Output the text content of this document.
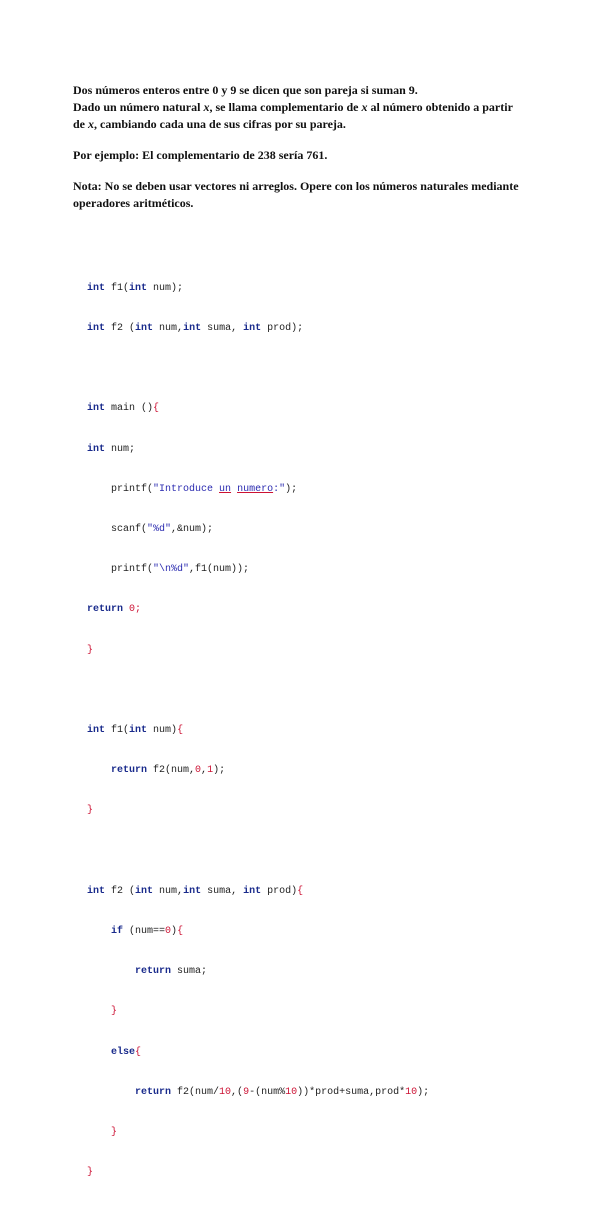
Dos números enteros entre 0 y 9 se dicen que son pareja si suman 9.

Dado un número natural x, se llama complementario de x al número obtenido a partir

de x, cambiando cada una de sus cifras por su pareja.

Por ejemplo: El complementario de 238 sería 761.

Nota: No se deben usar vectores ni arreglos. Opere con los números naturales mediante

operadores aritméticos.

int f1(int num);

int f2 (int num,int suma, int prod);

int main (){

int num;

printf("Introduce un numero:");

scanf("%d",&num);

printf("\n%d",f1(num));

return 0;

}

int f1(int num){

return f2(num,0,1);

}

int f2 (int num,int suma, int prod){

if (num==0){

return suma;

}

else{

return f2(num/10,(9-(num%10))*prod+suma,prod*10);

}

}
